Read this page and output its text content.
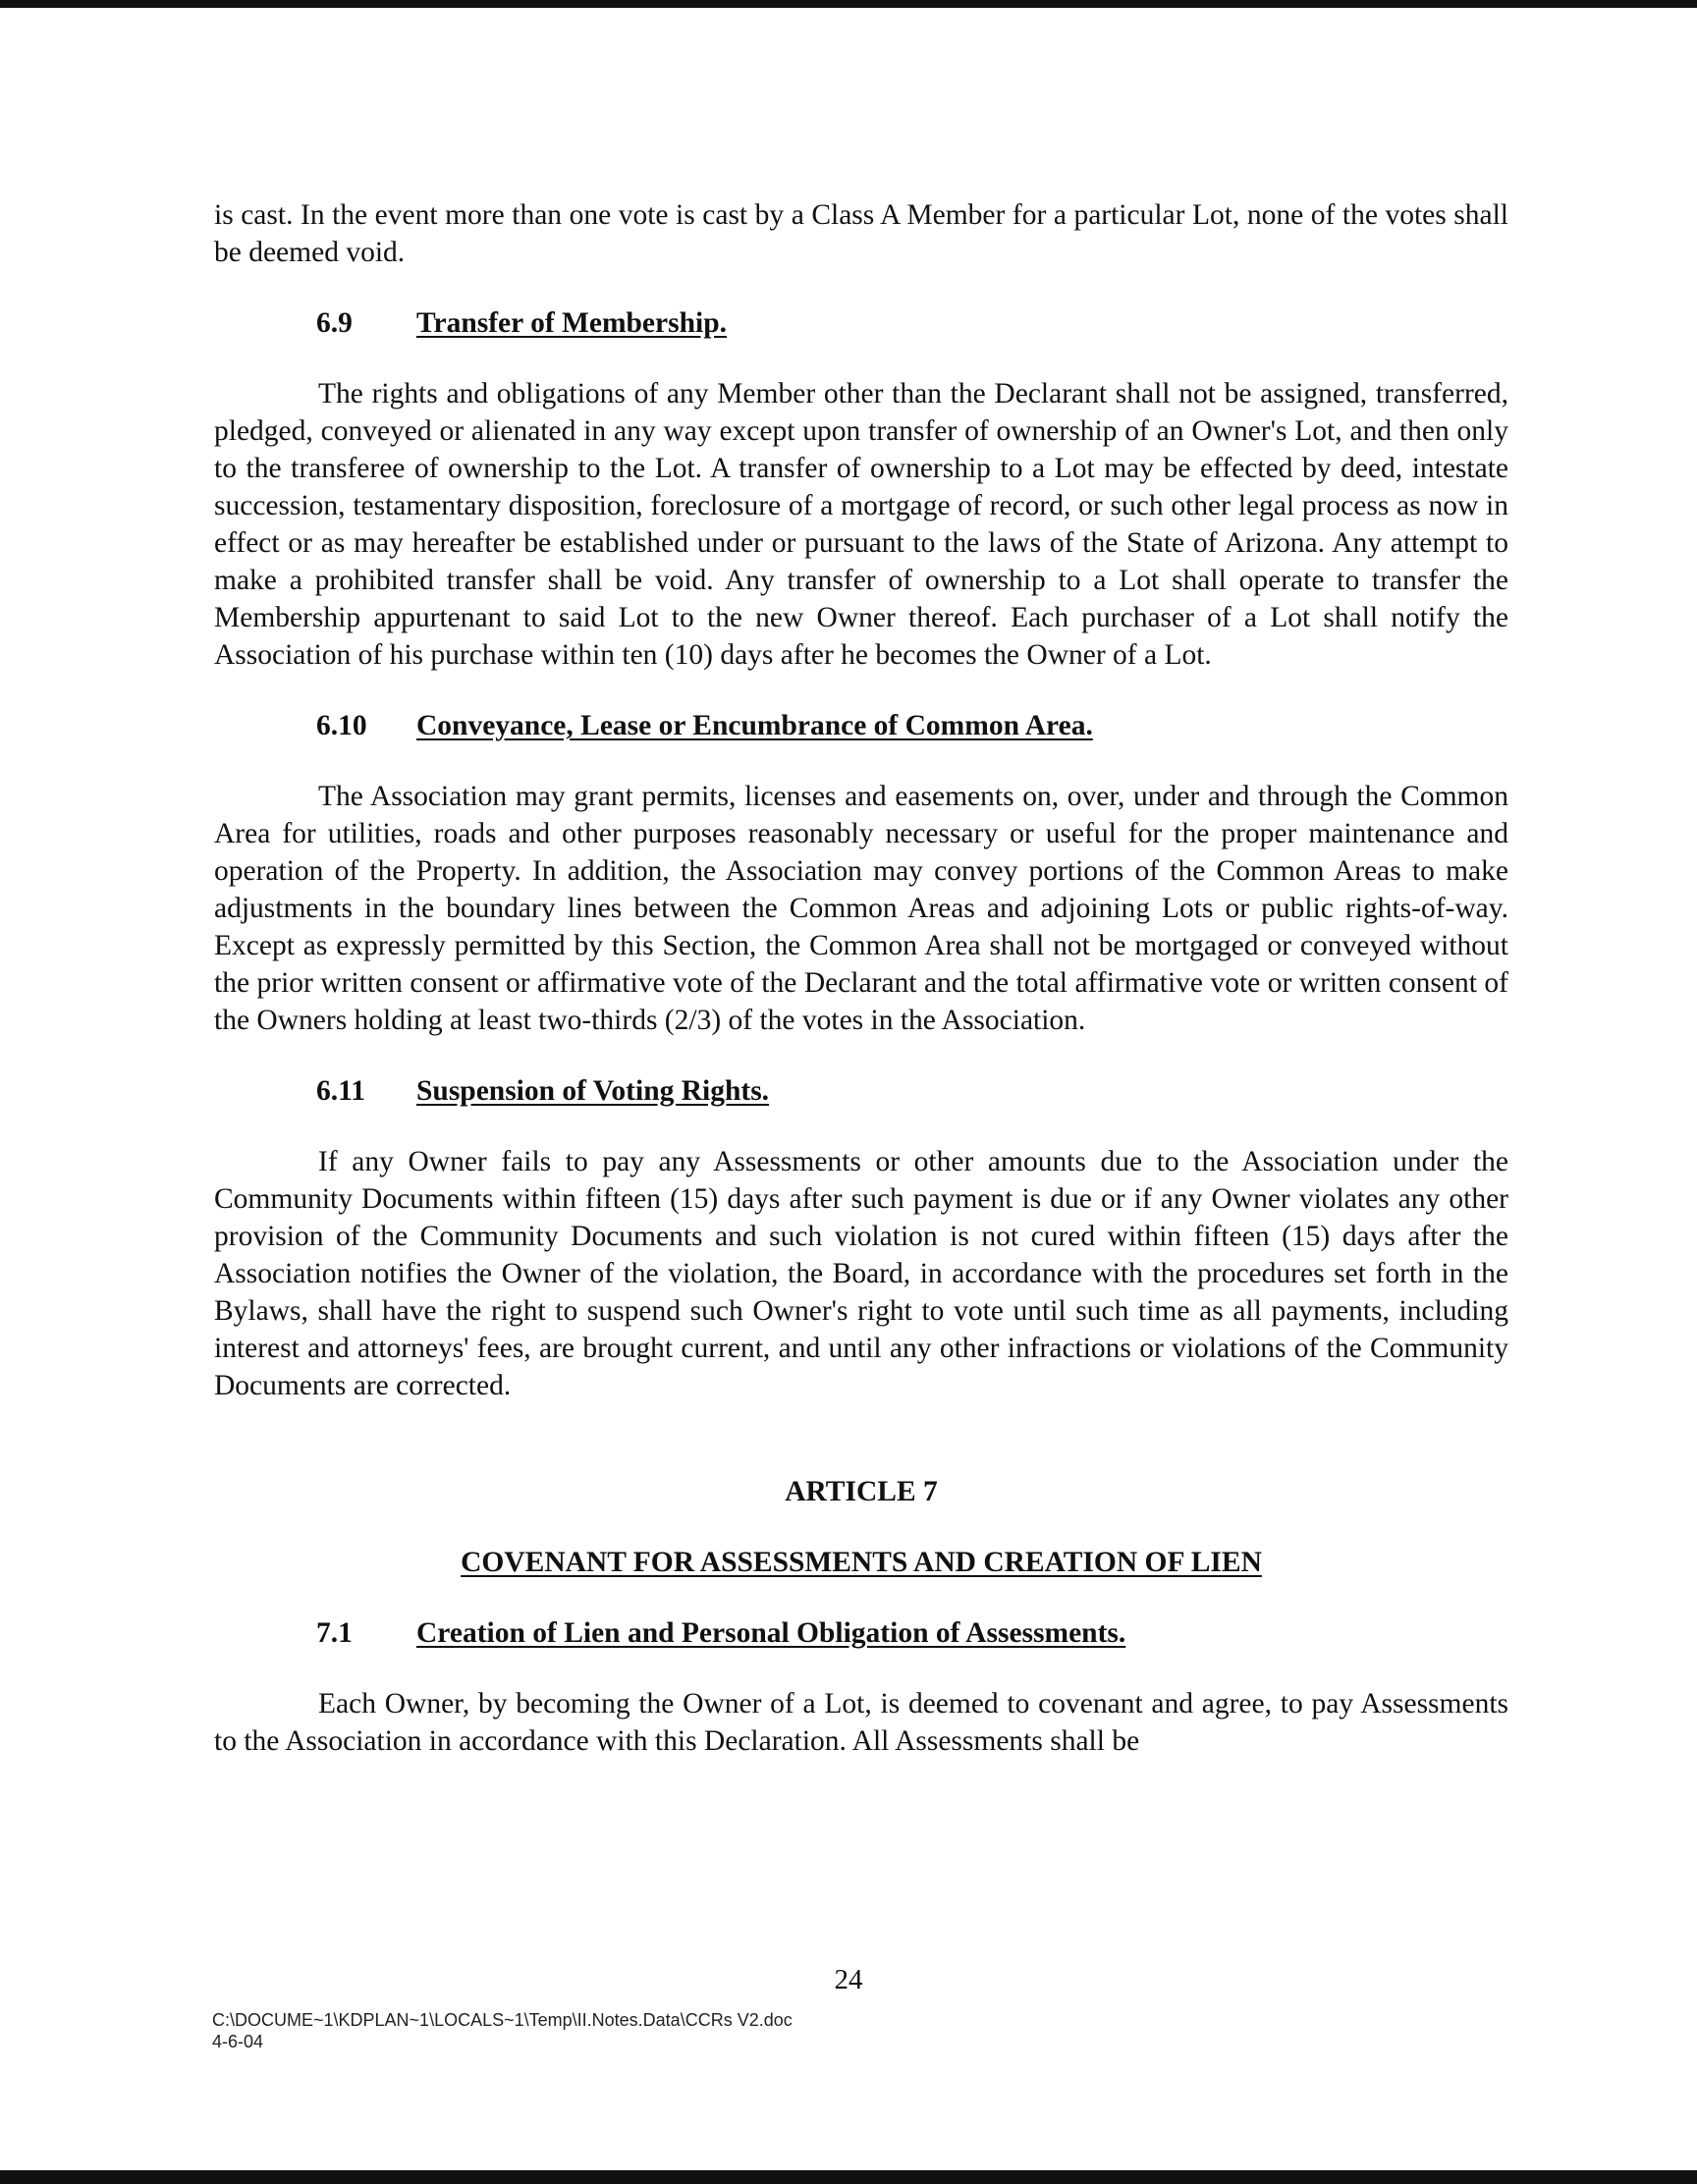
is cast. In the event more than one vote is cast by a Class A Member for a particular Lot, none of the votes shall be deemed void.

6.9 Transfer of Membership.

The rights and obligations of any Member other than the Declarant shall not be assigned, transferred, pledged, conveyed or alienated in any way except upon transfer of ownership of an Owner's Lot, and then only to the transferee of ownership to the Lot. A transfer of ownership to a Lot may be effected by deed, intestate succession, testamentary disposition, foreclosure of a mortgage of record, or such other legal process as now in effect or as may hereafter be established under or pursuant to the laws of the State of Arizona. Any attempt to make a prohibited transfer shall be void. Any transfer of ownership to a Lot shall operate to transfer the Membership appurtenant to said Lot to the new Owner thereof. Each purchaser of a Lot shall notify the Association of his purchase within ten (10) days after he becomes the Owner of a Lot.

6.10 Conveyance, Lease or Encumbrance of Common Area.

The Association may grant permits, licenses and easements on, over, under and through the Common Area for utilities, roads and other purposes reasonably necessary or useful for the proper maintenance and operation of the Property. In addition, the Association may convey portions of the Common Areas to make adjustments in the boundary lines between the Common Areas and adjoining Lots or public rights-of-way. Except as expressly permitted by this Section, the Common Area shall not be mortgaged or conveyed without the prior written consent or affirmative vote of the Declarant and the total affirmative vote or written consent of the Owners holding at least two-thirds (2/3) of the votes in the Association.

6.11 Suspension of Voting Rights.

If any Owner fails to pay any Assessments or other amounts due to the Association under the Community Documents within fifteen (15) days after such payment is due or if any Owner violates any other provision of the Community Documents and such violation is not cured within fifteen (15) days after the Association notifies the Owner of the violation, the Board, in accordance with the procedures set forth in the Bylaws, shall have the right to suspend such Owner's right to vote until such time as all payments, including interest and attorneys' fees, are brought current, and until any other infractions or violations of the Community Documents are corrected.

ARTICLE 7

COVENANT FOR ASSESSMENTS AND CREATION OF LIEN

7.1 Creation of Lien and Personal Obligation of Assessments.

Each Owner, by becoming the Owner of a Lot, is deemed to covenant and agree, to pay Assessments to the Association in accordance with this Declaration. All Assessments shall be

24
C:\DOCUME~1\KDPLAN~1\LOCALS~1\Temp\II.Notes.Data\CCRs V2.doc
4-6-04
